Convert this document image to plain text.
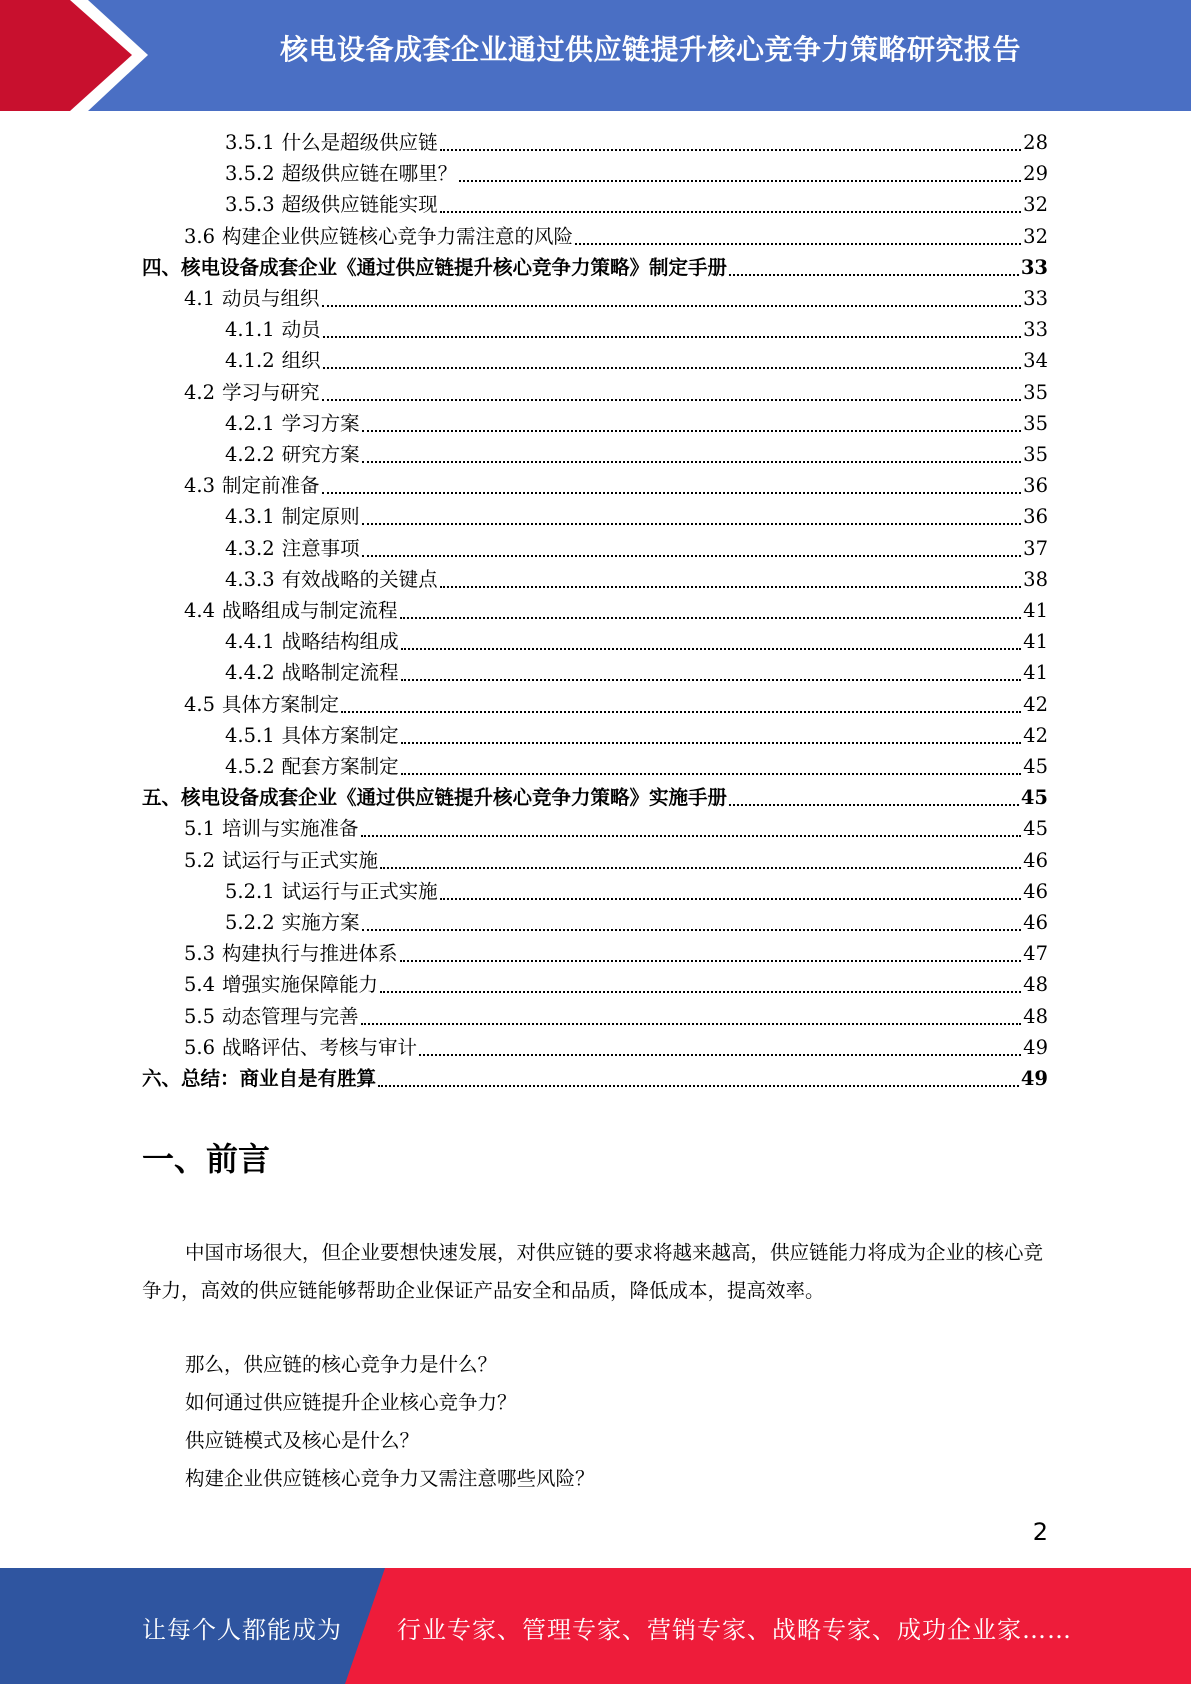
核电设备成套企业通过供应链提升核心竞争力策略研究报告
3.5.1 什么是超级供应链	28
3.5.2 超级供应链在哪里？	29
3.5.3 超级供应链能实现	32
3.6 构建企业供应链核心竞争力需注意的风险	32
四、 核电设备成套企业《通过供应链提升核心竞争力策略》制定手册	33
4.1 动员与组织	33
4.1.1 动员	33
4.1.2 组织	34
4.2 学习与研究	35
4.2.1 学习方案	35
4.2.2 研究方案	35
4.3 制定前准备	36
4.3.1 制定原则	36
4.3.2 注意事项	37
4.3.3 有效战略的关键点	38
4.4 战略组成与制定流程	41
4.4.1 战略结构组成	41
4.4.2 战略制定流程	41
4.5 具体方案制定	42
4.5.1 具体方案制定	42
4.5.2 配套方案制定	45
五、 核电设备成套企业《通过供应链提升核心竞争力策略》实施手册	45
5.1 培训与实施准备	45
5.2 试运行与正式实施	46
5.2.1 试运行与正式实施	46
5.2.2 实施方案	46
5.3 构建执行与推进体系	47
5.4 增强实施保障能力	48
5.5 动态管理与完善	48
5.6 战略评估、考核与审计	49
六、 总结：商业自是有胜算	49
一、前言
中国市场很大，但企业要想快速发展，对供应链的要求将越来越高，供应链能力将成为企业的核心竞争力，高效的供应链能够帮助企业保证产品安全和品质，降低成本，提高效率。
那么，供应链的核心竞争力是什么？
如何通过供应链提升企业核心竞争力？
供应链模式及核心是什么？
构建企业供应链核心竞争力又需注意哪些风险？
2
让每个人都能成为 行业专家、管理专家、营销专家、战略专家、成功企业家……
